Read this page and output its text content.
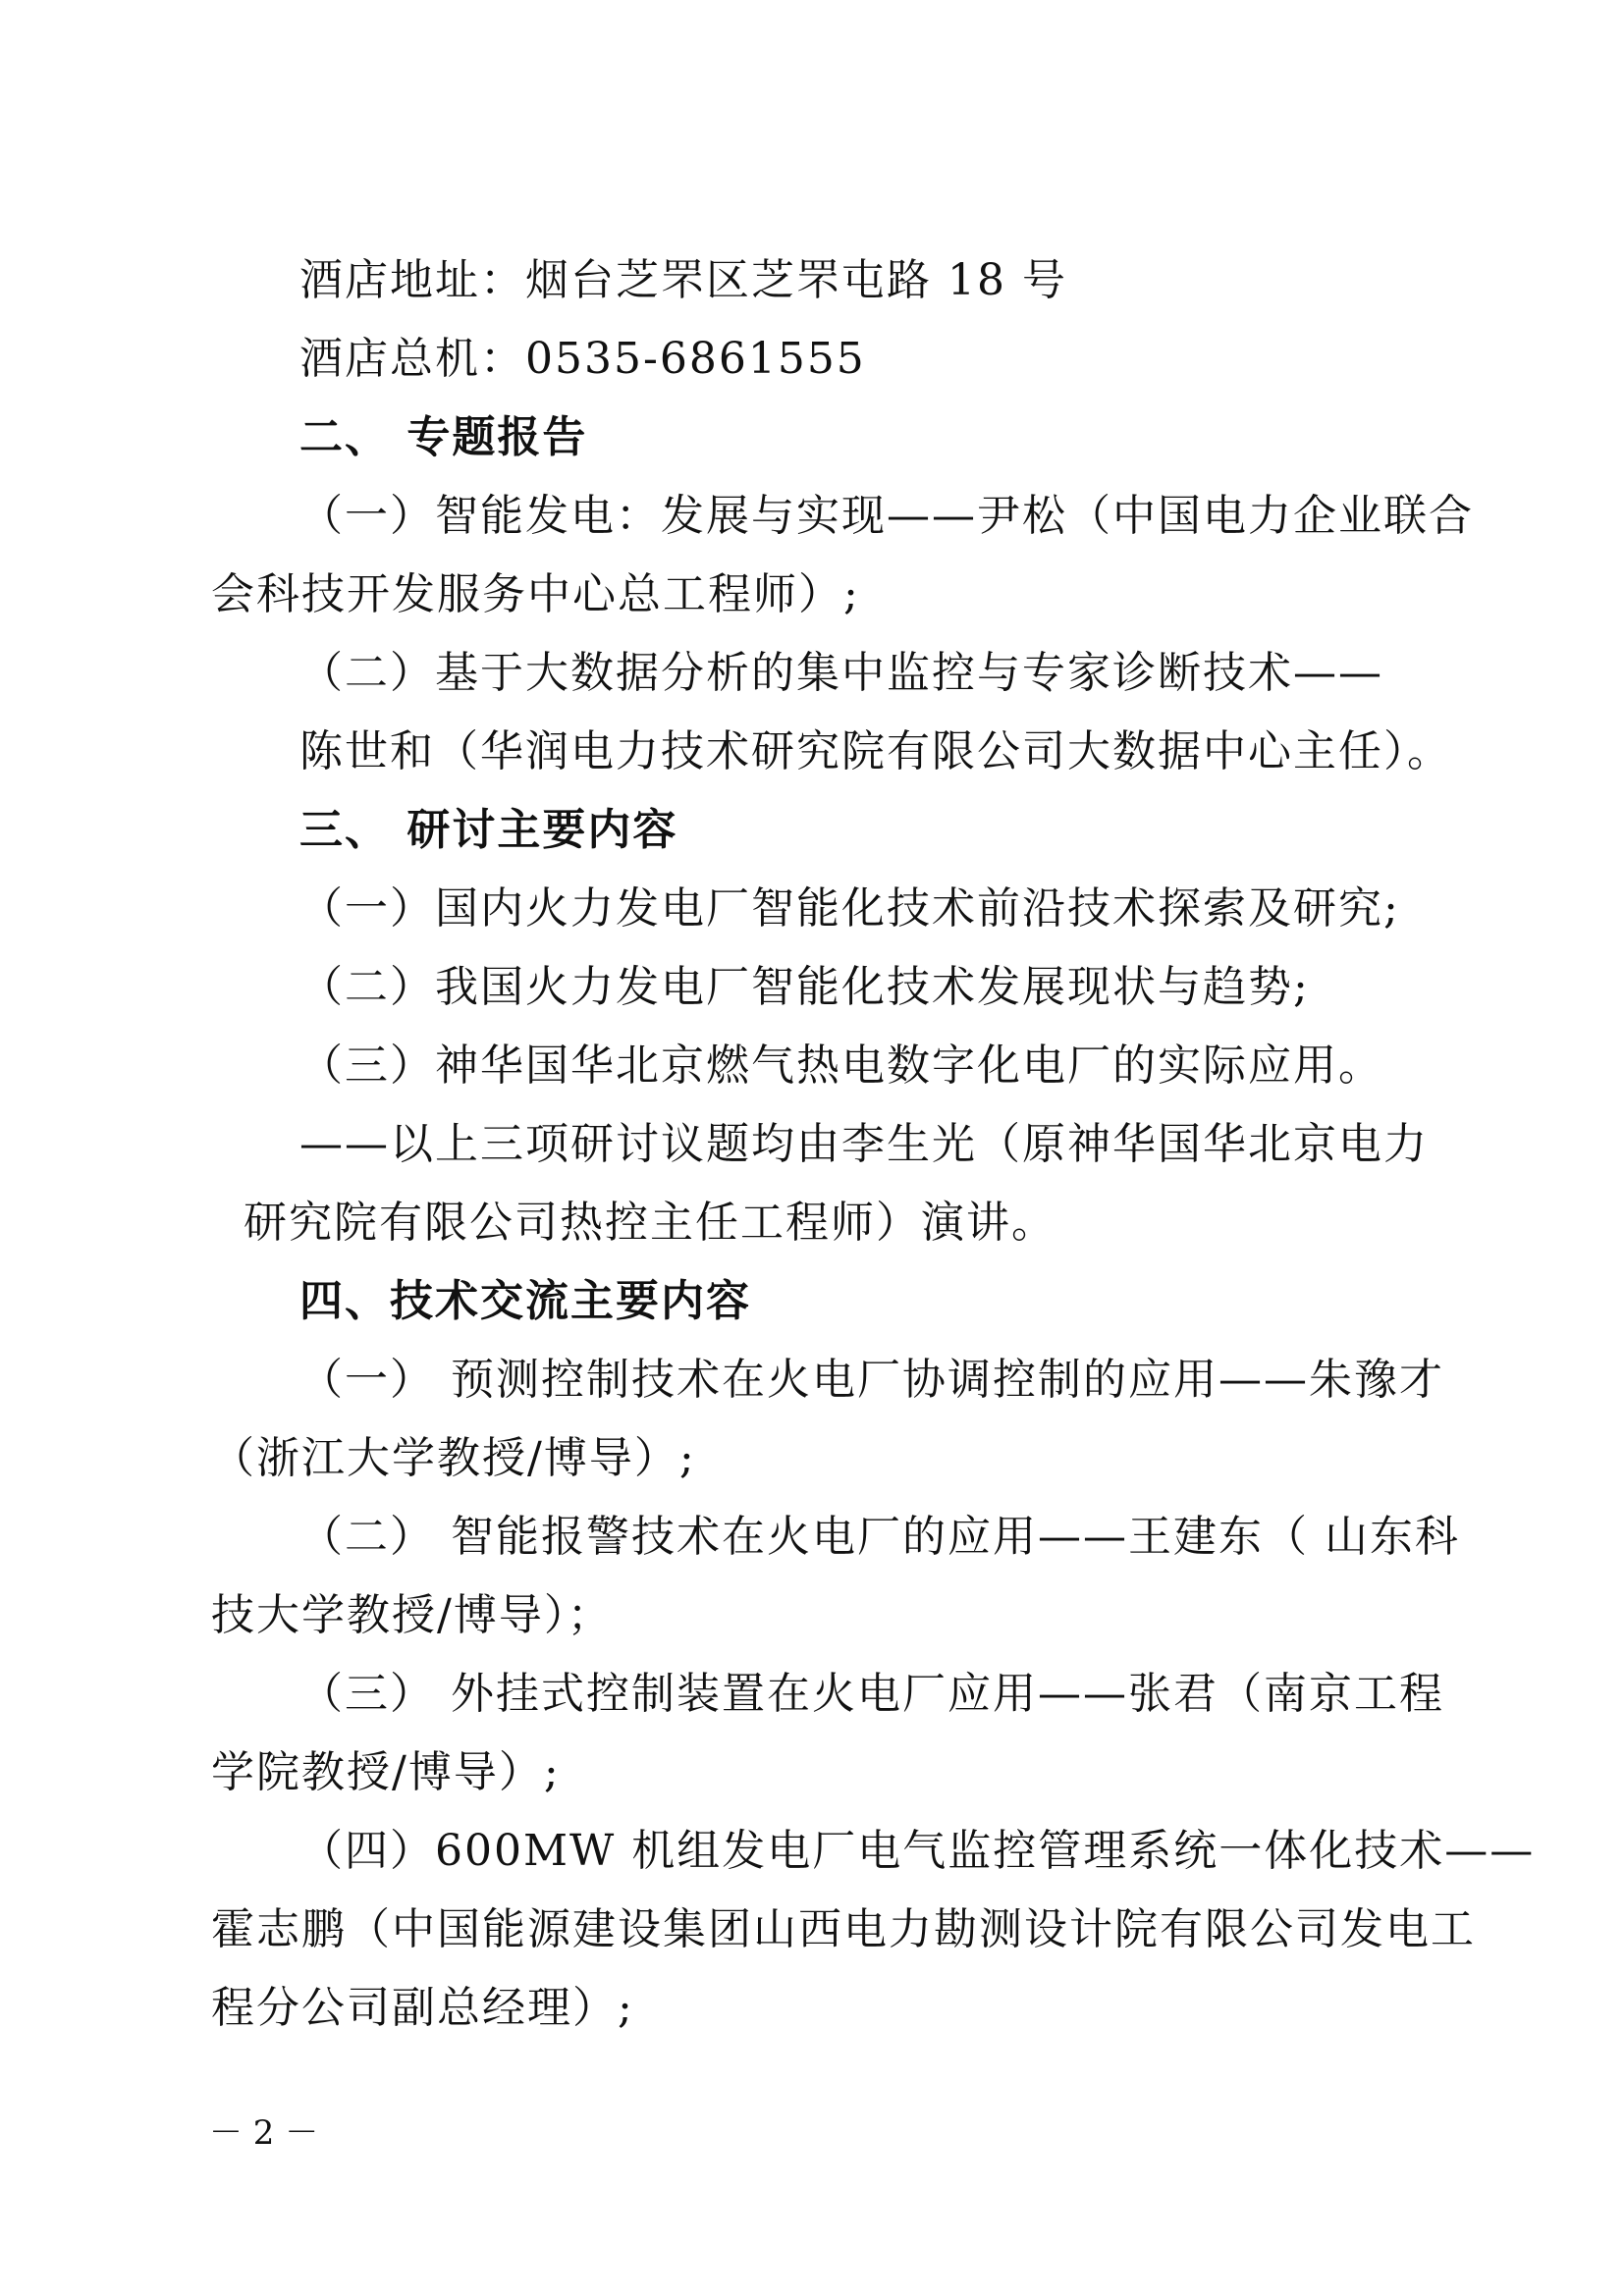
酒店地址：烟台芝罘区芝罘屯路 18 号
酒店总机：0535-6861555
二、 专题报告
（一）智能发电：发展与实现——尹松（中国电力企业联合
会科技开发服务中心总工程师）;
（二）基于大数据分析的集中监控与专家诊断技术——
陈世和（华润电力技术研究院有限公司大数据中心主任）。
三、 研讨主要内容
（一）国内火力发电厂智能化技术前沿技术探索及研究;
（二）我国火力发电厂智能化技术发展现状与趋势;
（三）神华国华北京燃气热电数字化电厂的实际应用。
——以上三项研讨议题均由李生光（原神华国华北京电力
研究院有限公司热控主任工程师）演讲。
四、技术交流主要内容
（一） 预测控制技术在火电厂协调控制的应用——朱豫才
（浙江大学教授/博导）;
（二） 智能报警技术在火电厂的应用——王建东（ 山东科
技大学教授/博导）；
（三） 外挂式控制装置在火电厂应用——张君（南京工程
学院教授/博导）;
（四）600MW 机组发电厂电气监控管理系统一体化技术——
霍志鹏（中国能源建设集团山西电力勘测设计院有限公司发电工
程分公司副总经理）;
－ 2 －
